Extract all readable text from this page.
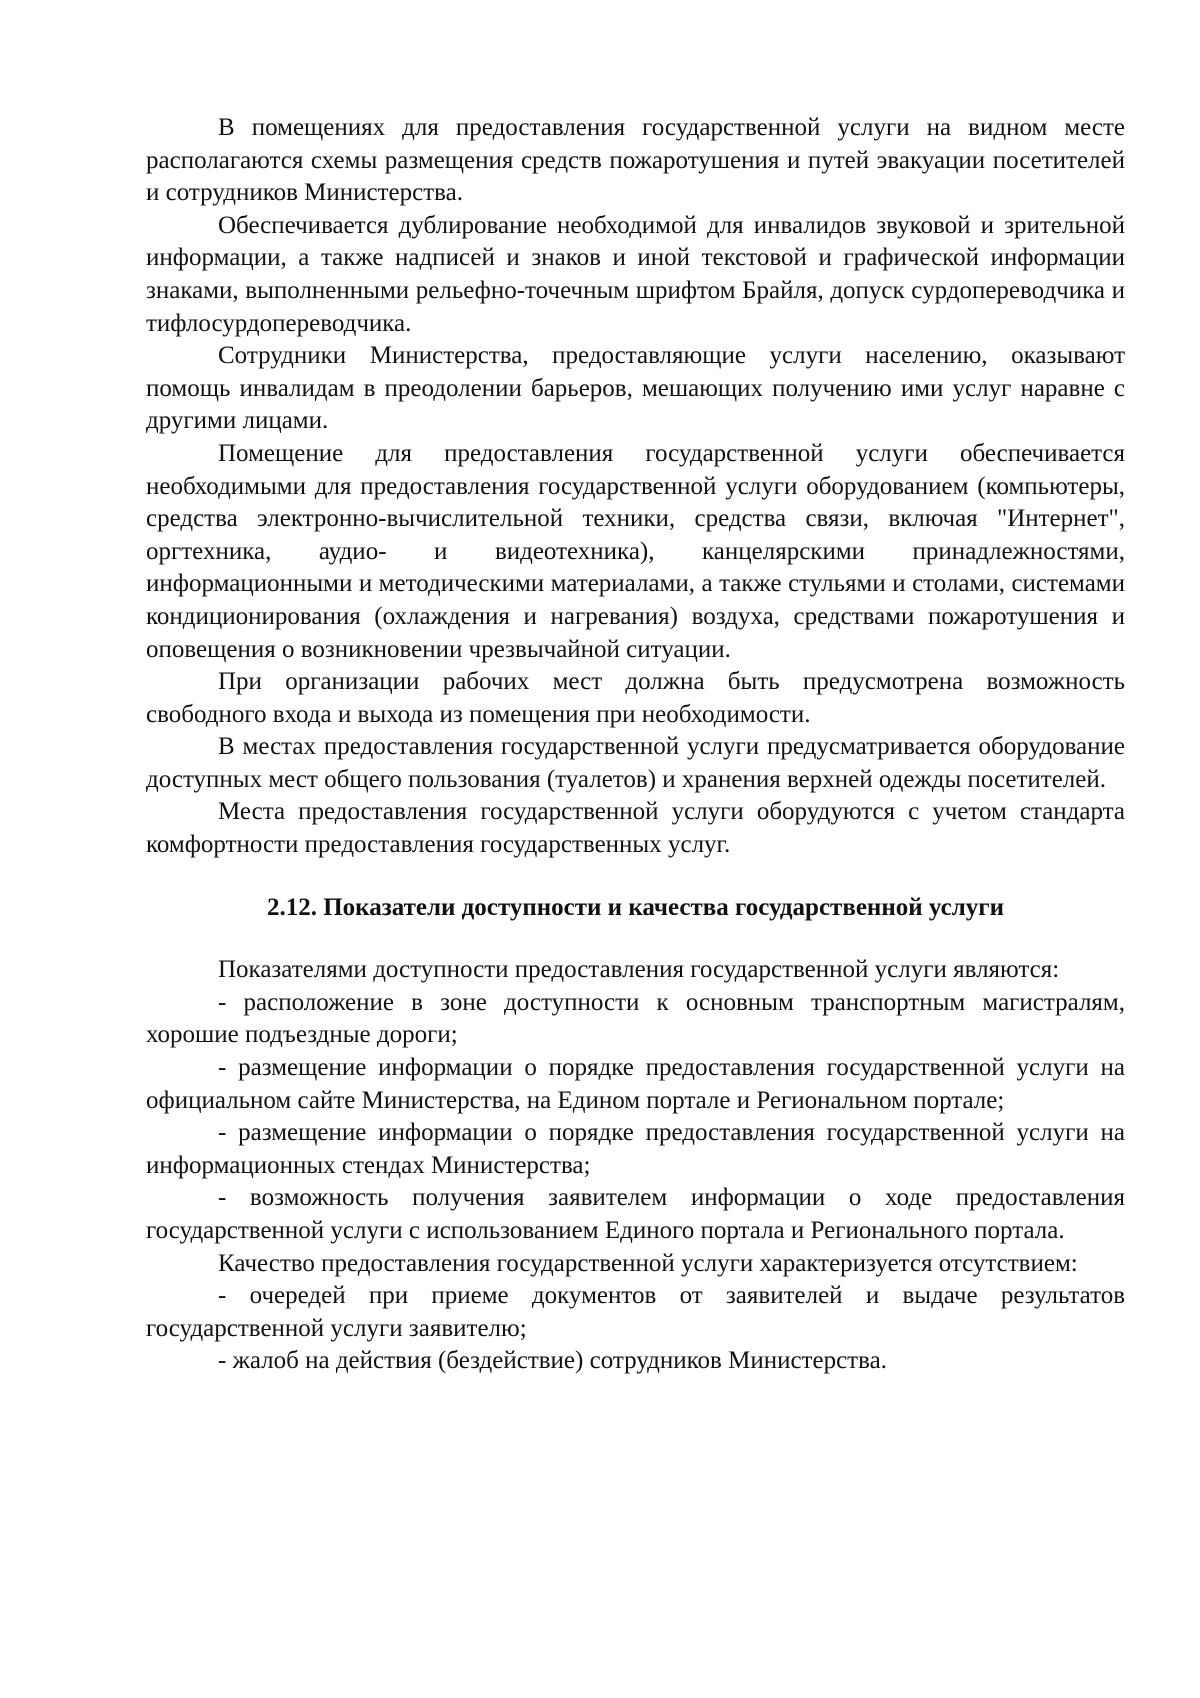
В помещениях для предоставления государственной услуги на видном месте располагаются схемы размещения средств пожаротушения и путей эвакуации посетителей и сотрудников Министерства.

Обеспечивается дублирование необходимой для инвалидов звуковой и зрительной информации, а также надписей и знаков и иной текстовой и графической информации знаками, выполненными рельефно-точечным шрифтом Брайля, допуск сурдопереводчика и тифлосурдопереводчика.

Сотрудники Министерства, предоставляющие услуги населению, оказывают помощь инвалидам в преодолении барьеров, мешающих получению ими услуг наравне с другими лицами.

Помещение для предоставления государственной услуги обеспечивается необходимыми для предоставления государственной услуги оборудованием (компьютеры, средства электронно-вычислительной техники, средства связи, включая "Интернет", оргтехника, аудио- и видеотехника), канцелярскими принадлежностями, информационными и методическими материалами, а также стульями и столами, системами кондиционирования (охлаждения и нагревания) воздуха, средствами пожаротушения и оповещения о возникновении чрезвычайной ситуации.

При организации рабочих мест должна быть предусмотрена возможность свободного входа и выхода из помещения при необходимости.

В местах предоставления государственной услуги предусматривается оборудование доступных мест общего пользования (туалетов) и хранения верхней одежды посетителей.

Места предоставления государственной услуги оборудуются с учетом стандарта комфортности предоставления государственных услуг.

2.12. Показатели доступности и качества государственной услуги

Показателями доступности предоставления государственной услуги являются:

- расположение в зоне доступности к основным транспортным магистралям, хорошие подъездные дороги;

- размещение информации о порядке предоставления государственной услуги на официальном сайте Министерства, на Едином портале и Региональном портале;

- размещение информации о порядке предоставления государственной услуги на информационных стендах Министерства;

- возможность получения заявителем информации о ходе предоставления государственной услуги с использованием Единого портала и Регионального портала.

Качество предоставления государственной услуги характеризуется отсутствием:

- очередей при приеме документов от заявителей и выдаче результатов государственной услуги заявителю;

- жалоб на действия (бездействие) сотрудников Министерства.
